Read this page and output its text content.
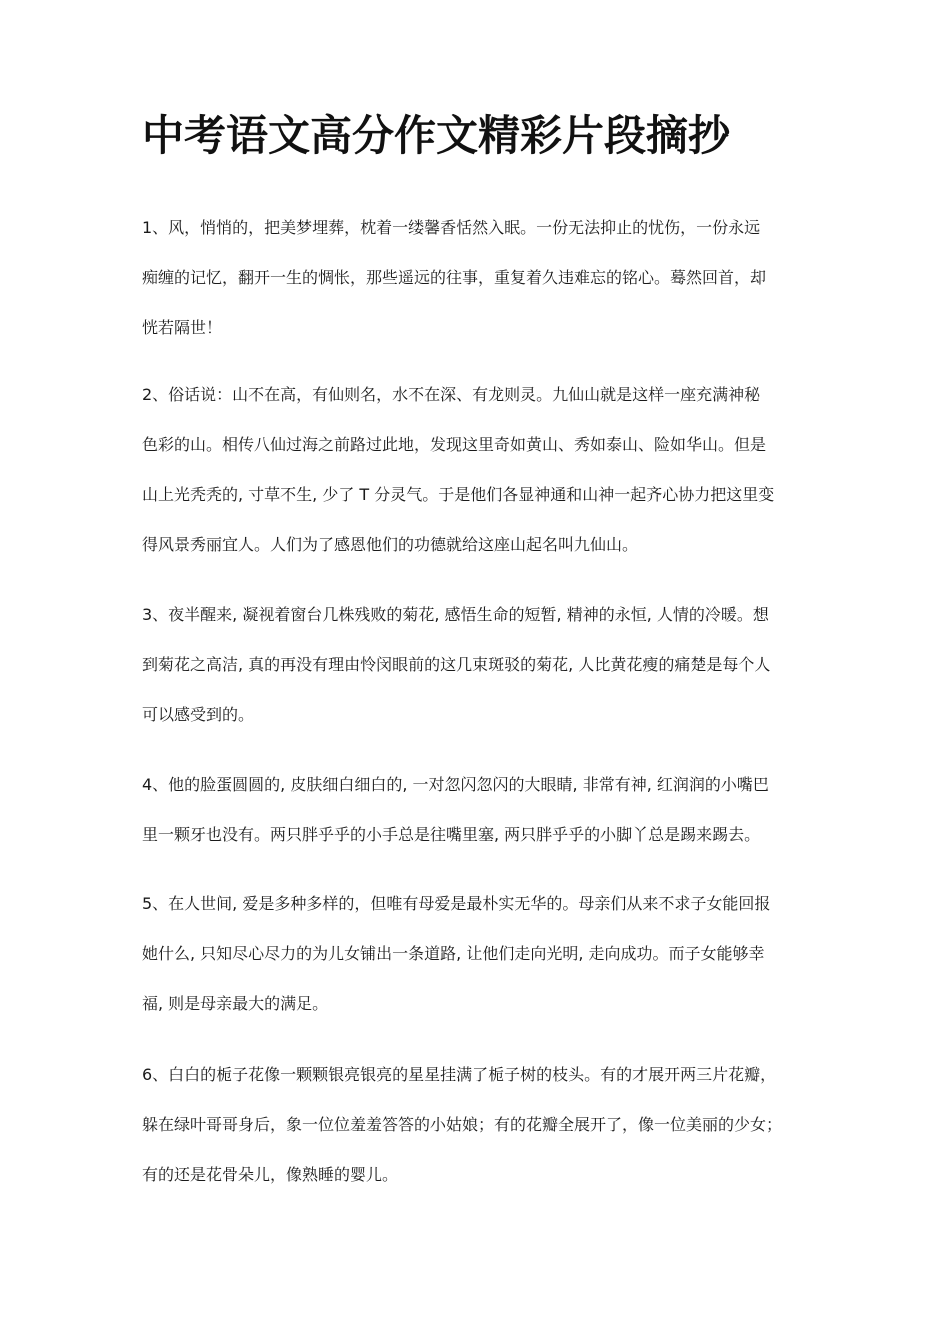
中考语文高分作文精彩片段摘抄
1、风，悄悄的，把美梦埋葬，枕着一缕馨香恬然入眠。一份无法抑止的忧伤，一份永远
痴缠的记忆，翻开一生的惆怅，那些遥远的往事，重复着久违难忘的铭心。蓦然回首，却
恍若隔世！
2、俗话说：山不在高，有仙则名，水不在深、有龙则灵。九仙山就是这样一座充满神秘
色彩的山。相传八仙过海之前路过此地，发现这里奇如黄山、秀如泰山、险如华山。但是
山上光秃秃的, 寸草不生, 少了 T 分灵气。于是他们各显神通和山神一起齐心协力把这里变
得风景秀丽宜人。人们为了感恩他们的功德就给这座山起名叫九仙山。
3、夜半醒来, 凝视着窗台几株残败的菊花, 感悟生命的短暂, 精神的永恒, 人情的冷暖。想
到菊花之高洁, 真的再没有理由怜闵眼前的这几束斑驳的菊花, 人比黄花瘦的痛楚是每个人
可以感受到的。
4、他的脸蛋圆圆的, 皮肤细白细白的, 一对忽闪忽闪的大眼睛, 非常有神, 红润润的小嘴巴
里一颗牙也没有。两只胖乎乎的小手总是往嘴里塞, 两只胖乎乎的小脚丫总是踢来踢去。
5、在人世间, 爱是多种多样的，但唯有母爱是最朴实无华的。母亲们从来不求子女能回报
她什么, 只知尽心尽力的为儿女铺出一条道路, 让他们走向光明, 走向成功。而子女能够幸
福, 则是母亲最大的满足。
6、白白的栀子花像一颗颗银亮银亮的星星挂满了栀子树的枝头。有的才展开两三片花瓣，
躲在绿叶哥哥身后，象一位位羞羞答答的小姑娘；有的花瓣全展开了，像一位美丽的少女；
有的还是花骨朵儿，像熟睡的婴儿。
